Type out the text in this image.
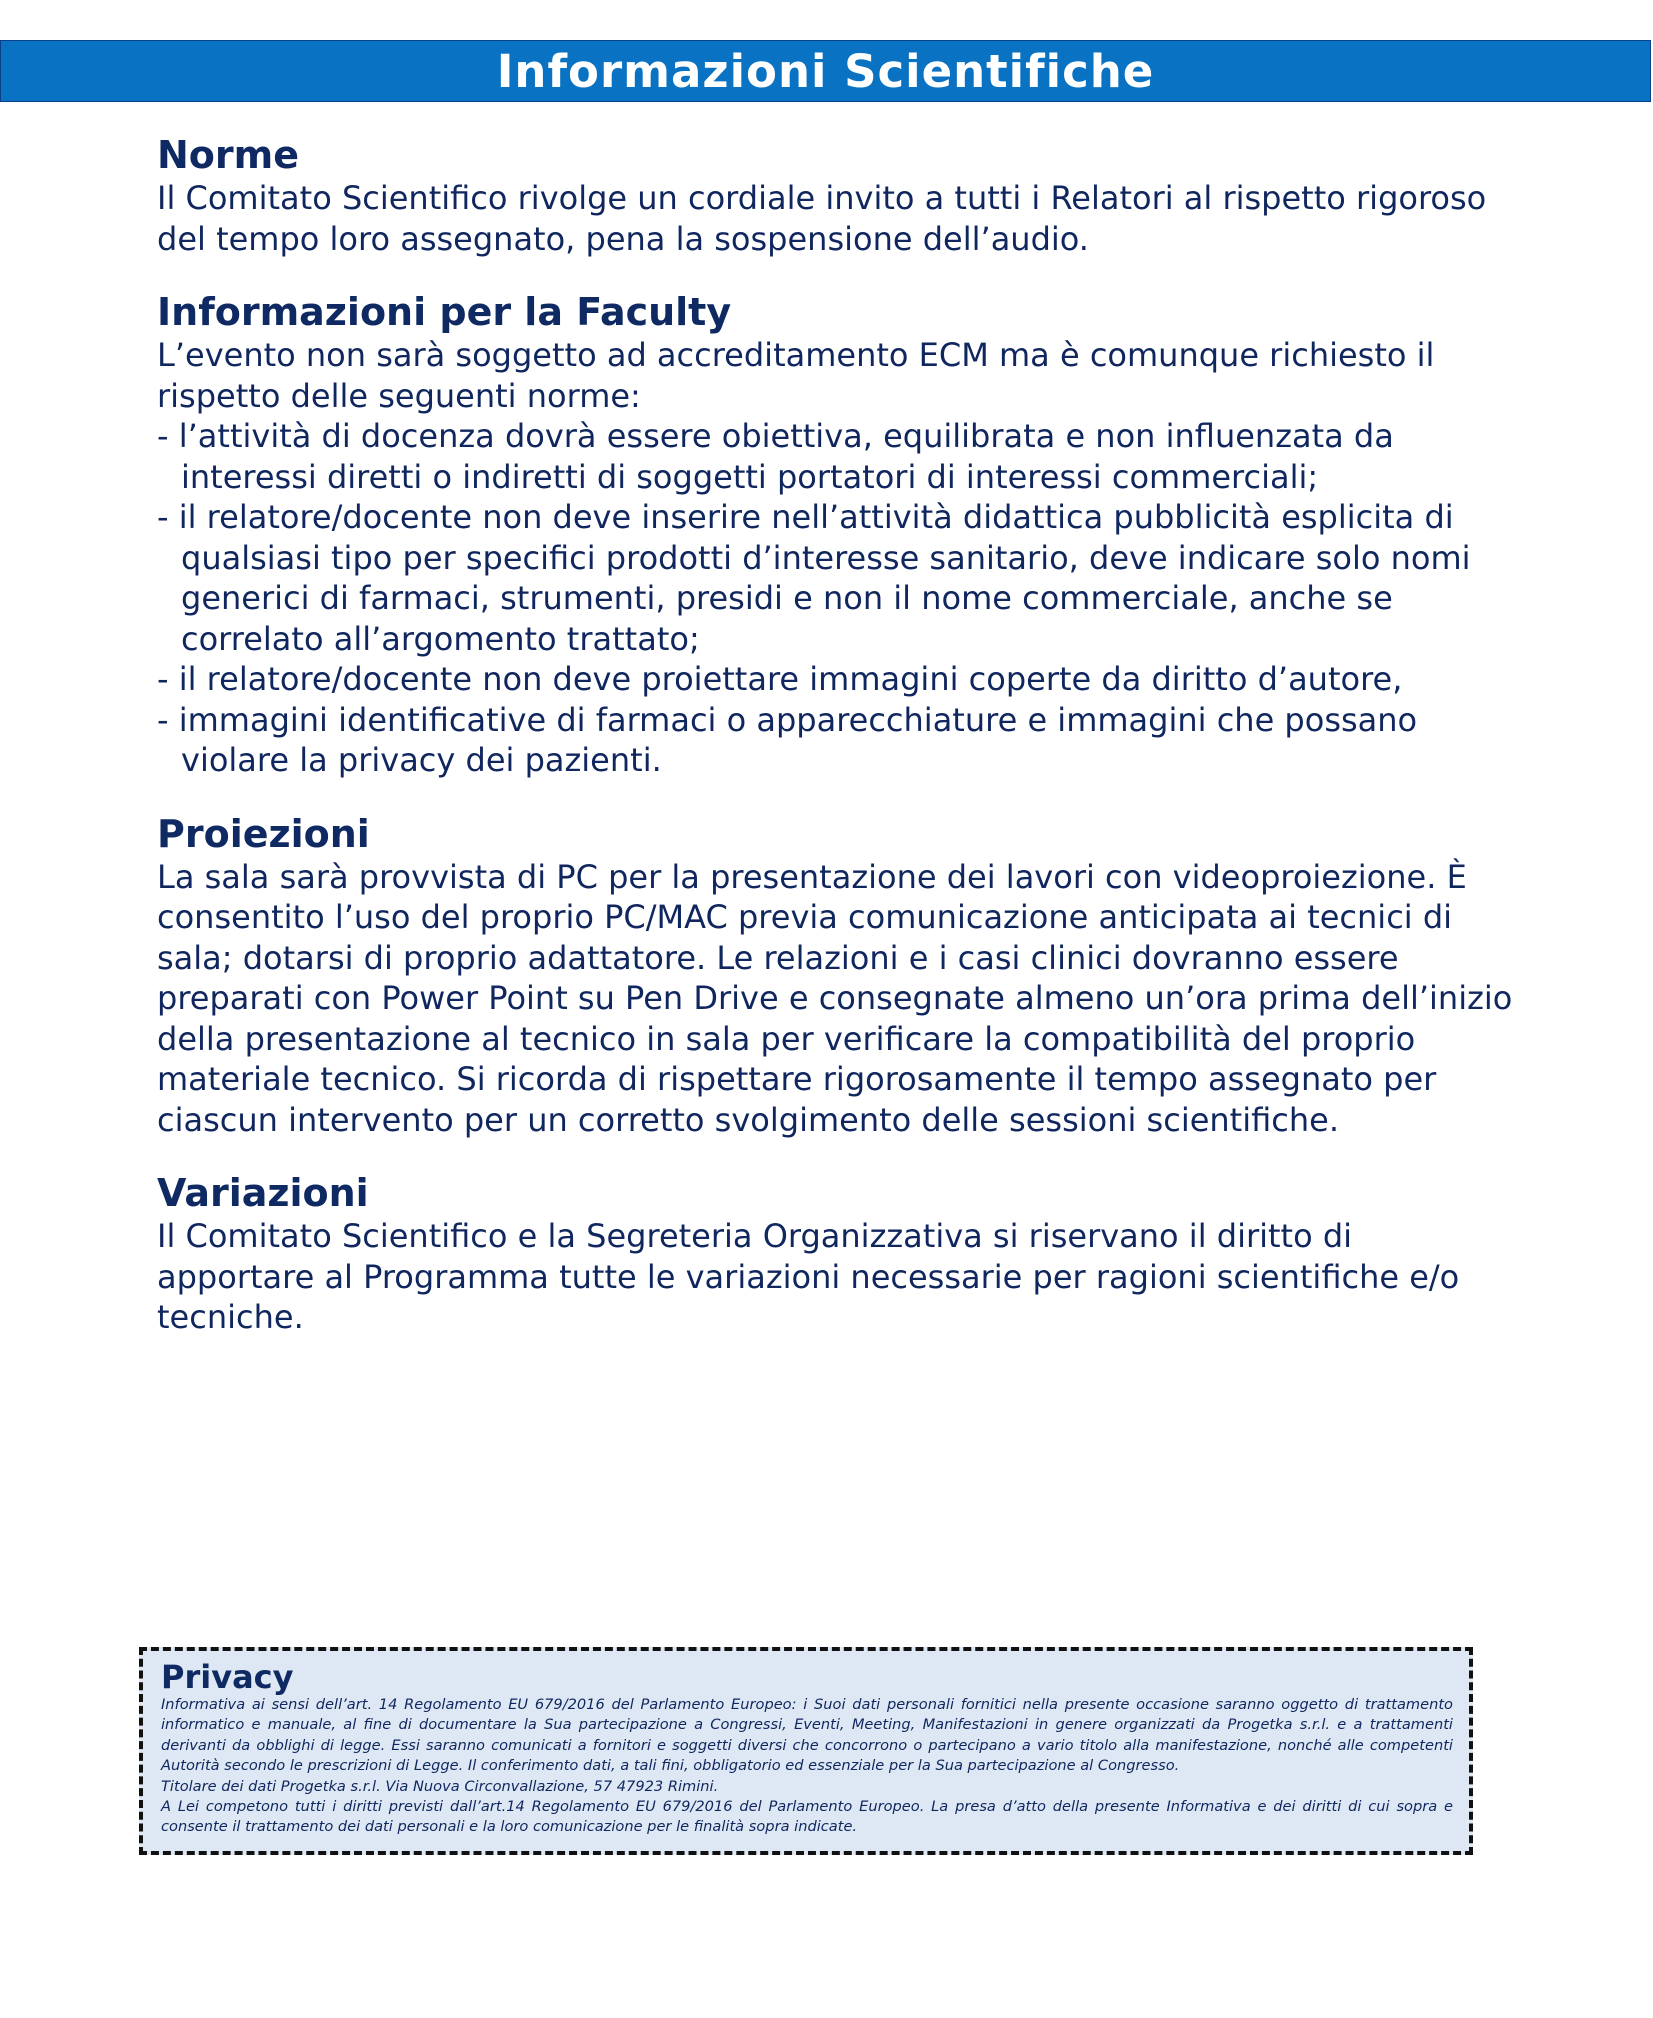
Informazioni Scientifiche
Norme

Il Comitato Scientifico rivolge un cordiale invito a tutti i Relatori al rispetto rigoroso del tempo loro assegnato, pena la sospensione dell’audio.

Informazioni per la Faculty

L’evento non sarà soggetto ad accreditamento ECM ma è comunque richiesto il rispetto delle seguenti norme:

- l’attività di docenza dovrà essere obiettiva, equilibrata e non influenzata da interessi diretti o indiretti di soggetti portatori di interessi commerciali;
- il relatore/docente non deve inserire nell’attività didattica pubblicità esplicita di qualsiasi tipo per specifici prodotti d’interesse sanitario, deve indicare solo nomi generici di farmaci, strumenti, presidi e non il nome commerciale, anche se correlato all’argomento trattato;
- il relatore/docente non deve proiettare immagini coperte da diritto d’autore,
- immagini identificative di farmaci o apparecchiature e immagini che possano violare la privacy dei pazienti.
Proiezioni

La sala sarà provvista di PC per la presentazione dei lavori con videoproiezione. È consentito l’uso del proprio PC/MAC previa comunicazione anticipata ai tecnici di sala; dotarsi di proprio adattatore. Le relazioni e i casi clinici dovranno essere preparati con Power Point su Pen Drive e consegnate almeno un’ora prima dell’inizio della presentazione al tecnico in sala per verificare la compatibilità del proprio materiale tecnico. Si ricorda di rispettare rigorosamente il tempo assegnato per ciascun intervento per un corretto svolgimento delle sessioni scientifiche.

Variazioni

Il Comitato Scientifico e la Segreteria Organizzativa si riservano il diritto di apportare al Programma tutte le variazioni necessarie per ragioni scientifiche e/o tecniche.

Privacy

Informativa ai sensi dell’art. 14 Regolamento EU 679/2016 del Parlamento Europeo: i Suoi dati personali fornitici nella presente occasione saranno oggetto di trattamento informatico e manuale, al fine di documentare la Sua partecipazione a Congressi, Eventi, Meeting, Manifestazioni in genere organizzati da Progetka s.r.l. e a trattamenti derivanti da obblighi di legge. Essi saranno comunicati a fornitori e soggetti diversi che concorrono o partecipano a vario titolo alla manifestazione, nonché alle competenti Autorità secondo le prescrizioni di Legge. Il conferimento dati, a tali fini, obbligatorio ed essenziale per la Sua partecipazione al Congresso.

Titolare dei dati Progetka s.r.l. Via Nuova Circonvallazione, 57 47923 Rimini.

A Lei competono tutti i diritti previsti dall’art.14 Regolamento EU 679/2016 del Parlamento Europeo. La presa d’atto della presente Informativa e dei diritti di cui sopra e consente il trattamento dei dati personali e la loro comunicazione per le finalità sopra indicate.
